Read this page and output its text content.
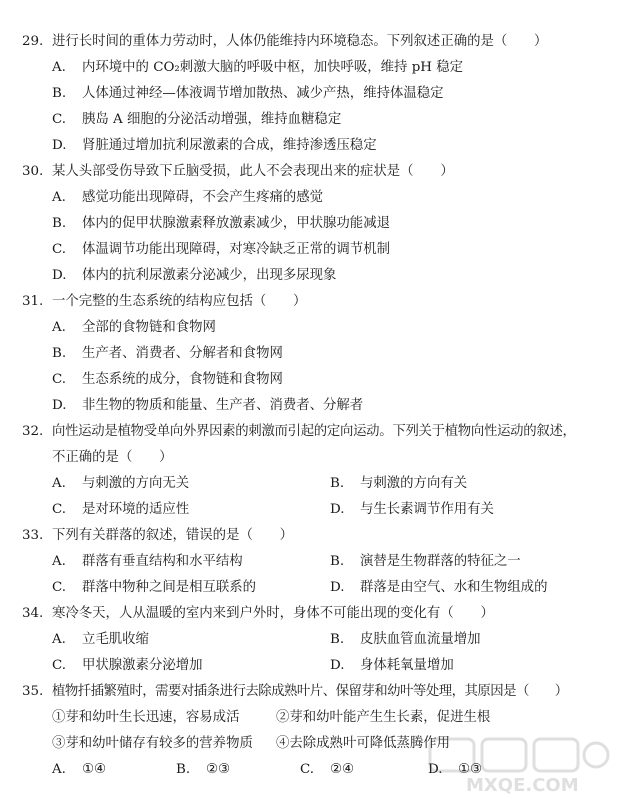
29. 进行长时间的重体力劳动时，人体仍能维持内环境稳态。下列叙述正确的是（　　）
A. 内环境中的 CO₂刺激大脑的呼吸中枢，加快呼吸，维持 pH 稳定
B. 人体通过神经—体液调节增加散热、减少产热，维持体温稳定
C. 胰岛 A 细胞的分泌活动增强，维持血糖稳定
D. 肾脏通过增加抗利尿激素的合成，维持渗透压稳定
30. 某人头部受伤导致下丘脑受损，此人不会表现出来的症状是（　　）
A. 感觉功能出现障碍，不会产生疼痛的感觉
B. 体内的促甲状腺激素释放激素减少，甲状腺功能减退
C. 体温调节功能出现障碍，对寒冷缺乏正常的调节机制
D. 体内的抗利尿激素分泌减少，出现多尿现象
31. 一个完整的生态系统的结构应包括（　　）
A. 全部的食物链和食物网
B. 生产者、消费者、分解者和食物网
C. 生态系统的成分，食物链和食物网
D. 非生物的物质和能量、生产者、消费者、分解者
32. 向性运动是植物受单向外界因素的刺激而引起的定向运动。下列关于植物向性运动的叙述，
不正确的是（　　）
A. 与刺激的方向无关	B. 与刺激的方向有关
C. 是对环境的适应性	D. 与生长素调节作用有关
33. 下列有关群落的叙述，错误的是（　　）
A. 群落有垂直结构和水平结构	B. 演替是生物群落的特征之一
C. 群落中物种之间是相互联系的	D. 群落是由空气、水和生物组成的
34. 寒冷冬天，人从温暖的室内来到户外时，身体不可能出现的变化有（　　）
A. 立毛肌收缩	B. 皮肤血管血流量增加
C. 甲状腺激素分泌增加	D. 身体耗氧量增加
35. 植物扦插繁殖时，需要对插条进行去除成熟叶片、保留芽和幼叶等处理，其原因是（　　）
①芽和幼叶生长迅速，容易成活	②芽和幼叶能产生生长素，促进生根
③芽和幼叶储存有较多的营养物质 ④去除成熟叶可降低蒸腾作用
A. ①④	B. ②③	C. ②④	D. ①③
MXQE.COM
